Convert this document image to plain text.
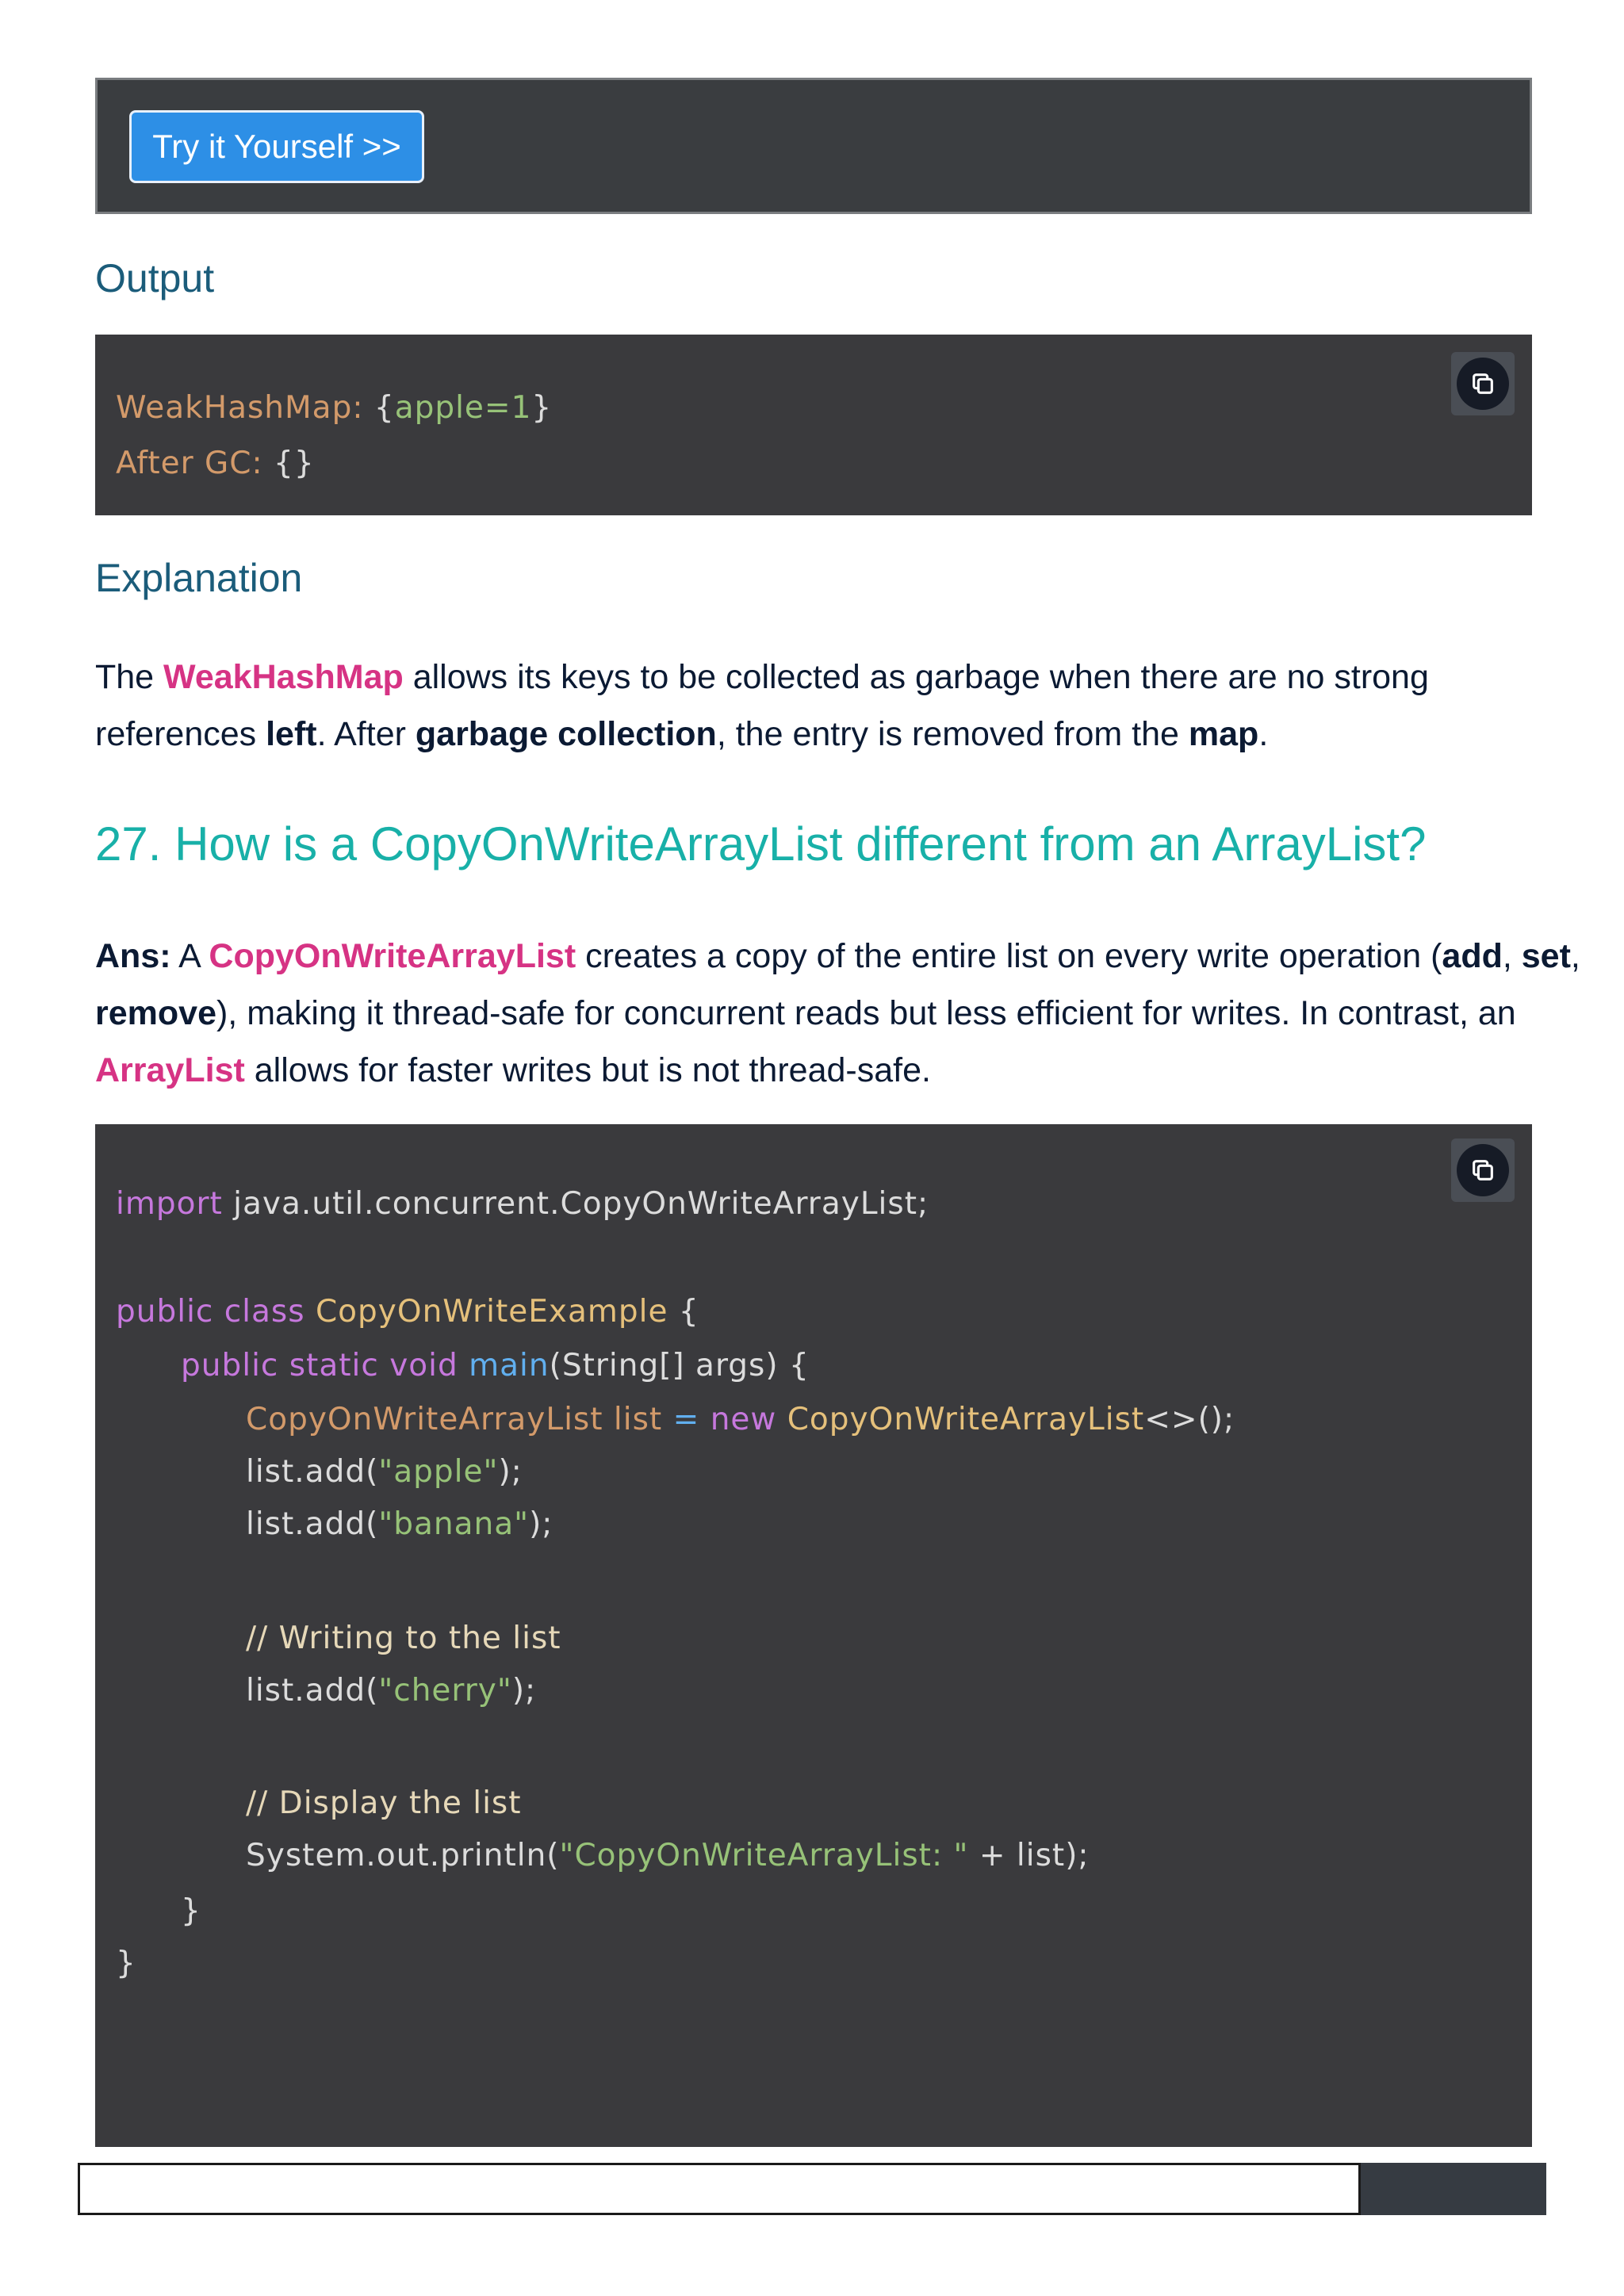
Try it Yourself >>
Output
WeakHashMap: {apple=1}
After GC: {}
Explanation
The WeakHashMap allows its keys to be collected as garbage when there are no strong references left. After garbage collection, the entry is removed from the map.
27. How is a CopyOnWriteArrayList different from an ArrayList?
Ans: A CopyOnWriteArrayList creates a copy of the entire list on every write operation (add, set, remove), making it thread-safe for concurrent reads but less efficient for writes. In contrast, an ArrayList allows for faster writes but is not thread-safe.
import java.util.concurrent.CopyOnWriteArrayList;
public class CopyOnWriteExample {
public static void main(String[] args) {
CopyOnWriteArrayList list = new CopyOnWriteArrayList<>();
list.add("apple");
list.add("banana");
// Writing to the list
list.add("cherry");
// Display the list
System.out.println("CopyOnWriteArrayList: " + list);
}
}
